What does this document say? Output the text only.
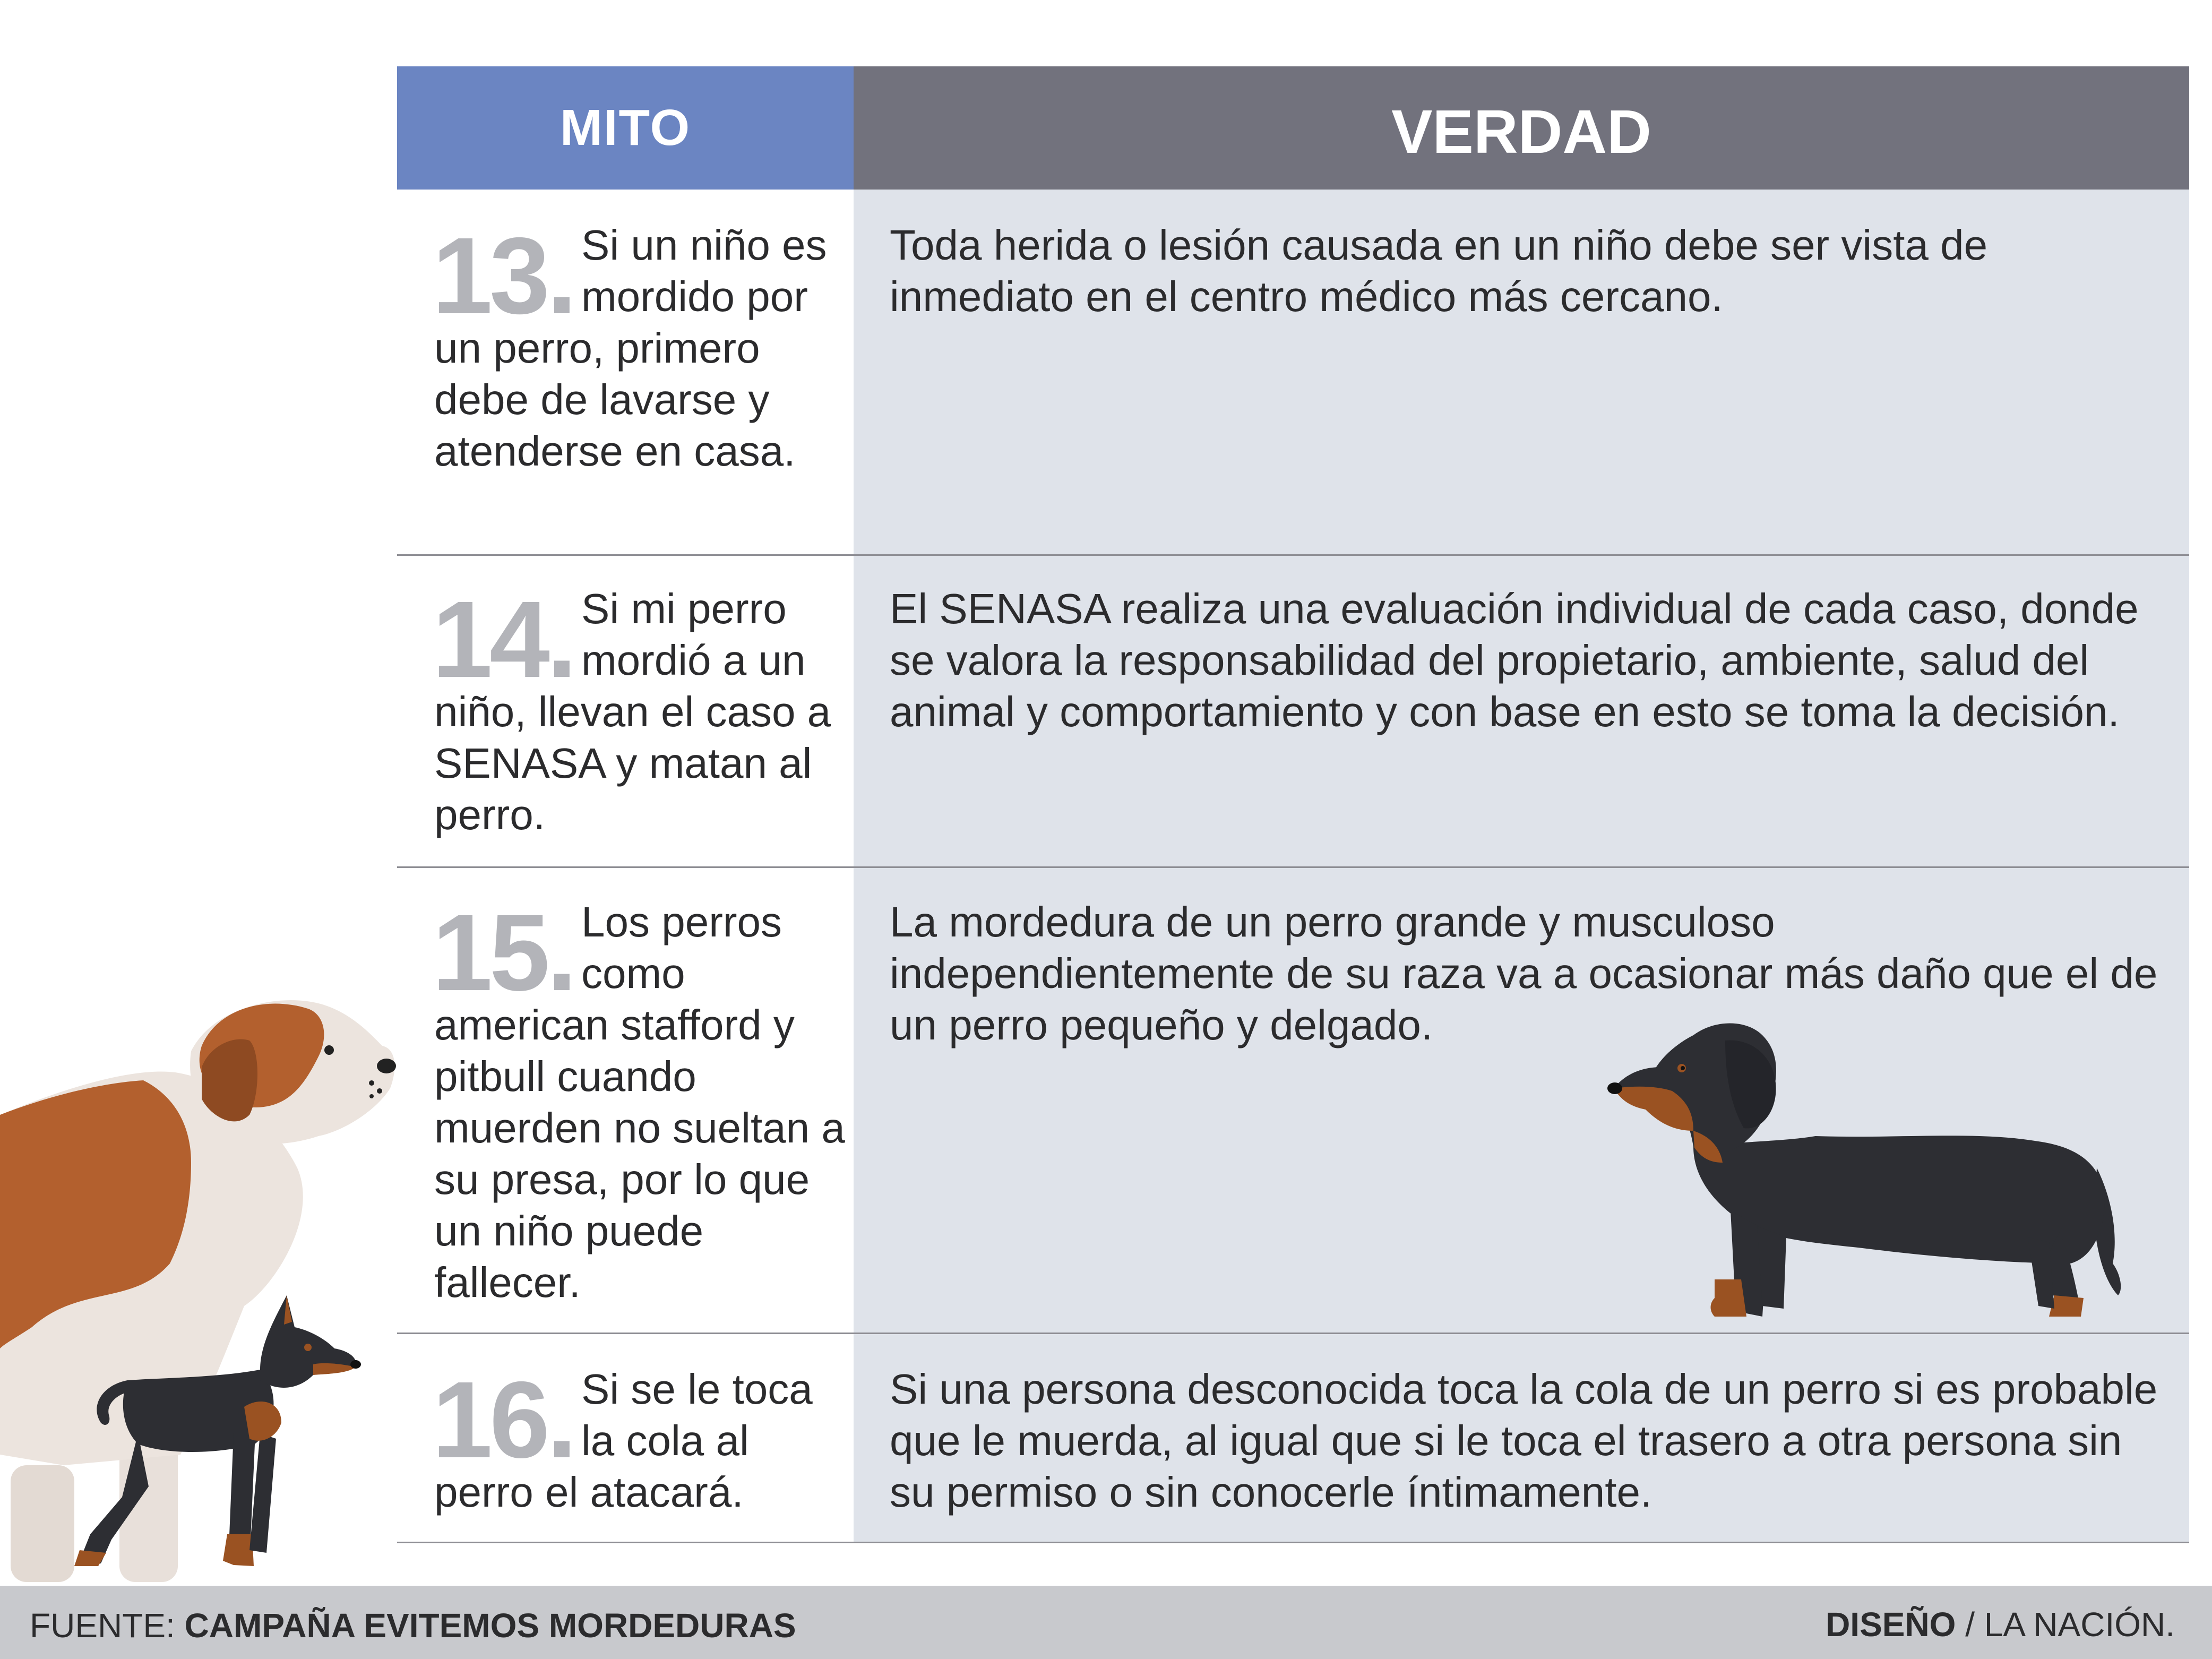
MITO	VERDAD
13. Si un niño es mordido por un perro, primero debe de lavarse y atenderse en casa.
Toda herida o lesión causada en un niño debe ser vista de inmediato en el centro médico más cercano.
14. Si mi perro mordió a un niño, llevan el caso a SENASA y matan al perro.
El SENASA realiza una evaluación individual de cada caso, donde se valora la responsabilidad del propietario, ambiente, salud del animal y comportamiento y con base en esto se toma la decisión.
15. Los perros como american stafford y pitbull cuando muerden no sueltan a su presa, por lo que un niño puede fallecer.
La mordedura de un perro grande y musculoso independientemente de su raza va a ocasionar más daño que el de un perro pequeño y delgado.
16. Si se le toca la cola al perro el atacará.
Si una persona desconocida toca la cola de un perro si es probable que le muerda, al igual que si le toca el trasero a otra persona sin su permiso o sin conocerle íntimamente.
FUENTE: CAMPAÑA EVITEMOS MORDEDURAS	DISEÑO / LA NACIÓN.
